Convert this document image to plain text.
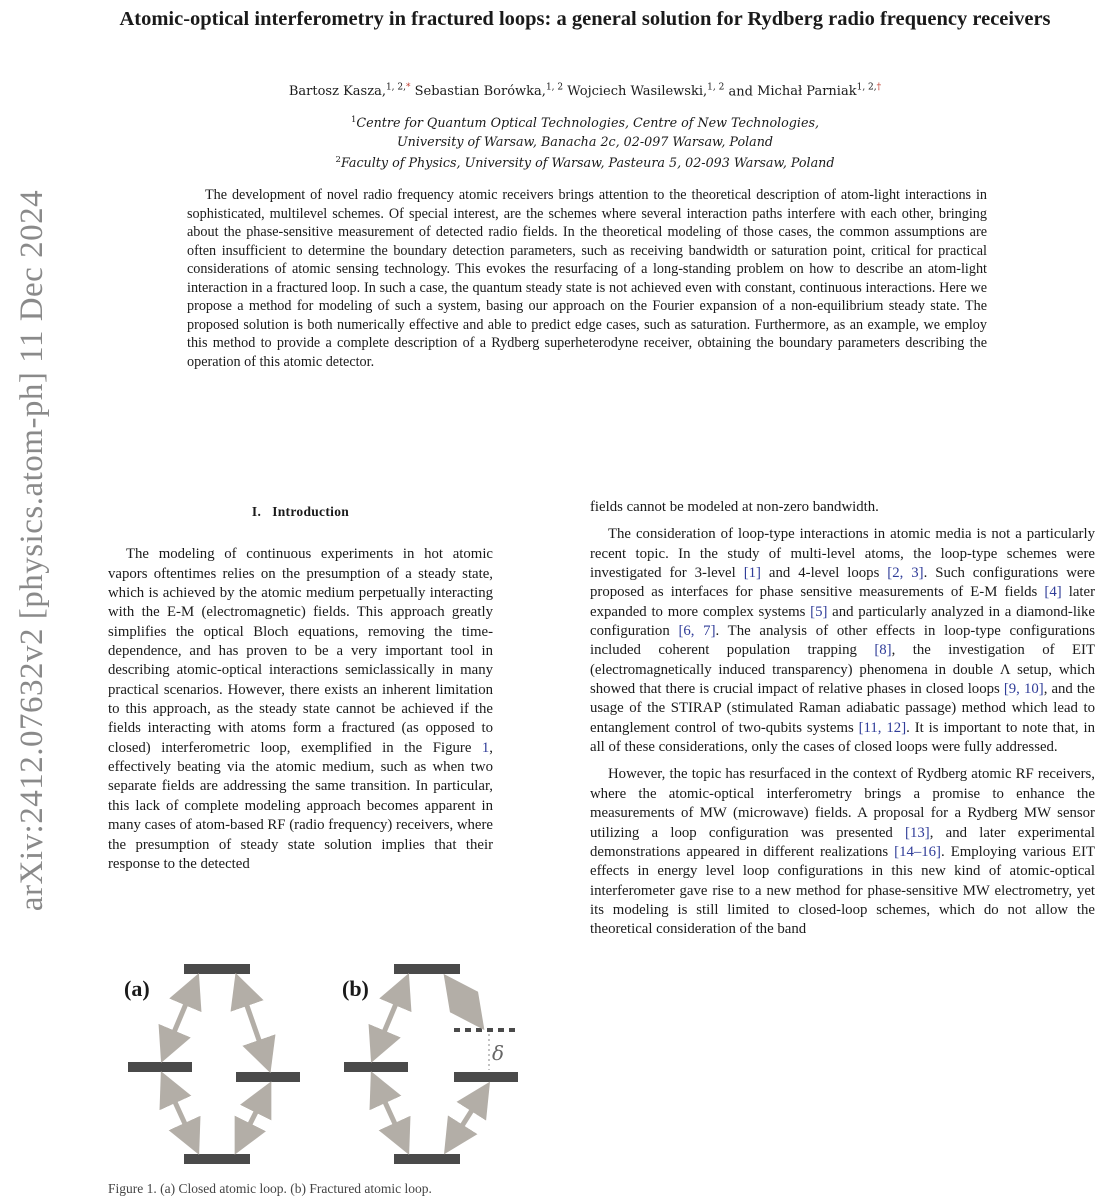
arXiv:2412.07632v2 [physics.atom-ph] 11 Dec 2024
Atomic-optical interferometry in fractured loops: a general solution for Rydberg radio frequency receivers

Bartosz Kasza,$^{1, 2,*}$ Sebastian Borówka,$^{1, 2}$ Wojciech Wasilewski,$^{1, 2}$ and Michał Parniak$^{1, 2,\dagger}$

$^1$Centre for Quantum Optical Technologies, Centre of New Technologies,
University of Warsaw, Banacha 2c, 02-097 Warsaw, Poland
$^2$Faculty of Physics, University of Warsaw, Pasteura 5, 02-093 Warsaw, Poland

The development of novel radio frequency atomic receivers brings attention to the theoretical description of atom-light interactions in sophisticated, multilevel schemes. Of special interest, are the schemes where several interaction paths interfere with each other, bringing about the phase-sensitive measurement of detected radio fields. In the theoretical modeling of those cases, the common assumptions are often insufficient to determine the boundary detection parameters, such as receiving bandwidth or saturation point, critical for practical considerations of atomic sensing technology. This evokes the resurfacing of a long-standing problem on how to describe an atom-light interaction in a fractured loop. In such a case, the quantum steady state is not achieved even with constant, continuous interactions. Here we propose a method for modeling of such a system, basing our approach on the Fourier expansion of a non-equilibrium steady state. The proposed solution is both numerically effective and able to predict edge cases, such as saturation. Furthermore, as an example, we employ this method to provide a complete description of a Rydberg superheterodyne receiver, obtaining the boundary parameters describing the operation of this atomic detector.

I. Introduction

The modeling of continuous experiments in hot atomic vapors oftentimes relies on the presumption of a steady state, which is achieved by the atomic medium perpetually interacting with the E-M (electromagnetic) fields. This approach greatly simplifies the optical Bloch equations, removing the time-dependence, and has proven to be a very important tool in describing atomic-optical interactions semiclassically in many practical scenarios. However, there exists an inherent limitation to this approach, as the steady state cannot be achieved if the fields interacting with atoms form a fractured (as opposed to closed) interferometric loop, exemplified in the Figure 1, effectively beating via the atomic medium, such as when two separate fields are addressing the same transition. In particular, this lack of complete modeling approach becomes apparent in many cases of atom-based RF (radio frequency) receivers, where the presumption of steady state solution implies that their response to the detected

fields cannot be modeled at non-zero bandwidth.

The consideration of loop-type interactions in atomic media is not a particularly recent topic. In the study of multi-level atoms, the loop-type schemes were investigated for 3-level [1] and 4-level loops [2, 3]. Such configurations were proposed as interfaces for phase sensitive measurements of E-M fields [4] later expanded to more complex systems [5] and particularly analyzed in a diamond-like configuration [6, 7]. The analysis of other effects in loop-type configurations included coherent population trapping [8], the investigation of EIT (electromagnetically induced transparency) phenomena in double Λ setup, which showed that there is crucial impact of relative phases in closed loops [9, 10], and the usage of the STIRAP (stimulated Raman adiabatic passage) method which lead to entanglement control of two-qubits systems [11, 12]. It is important to note that, in all of these considerations, only the cases of closed loops were fully addressed.

However, the topic has resurfaced in the context of Rydberg atomic RF receivers, where the atomic-optical interferometry brings a promise to enhance the measurements of MW (microwave) fields. A proposal for a Rydberg MW sensor utilizing a loop configuration was presented [13], and later experimental demonstrations appeared in different realizations [14–16]. Employing various EIT effects in energy level loop configurations in this new kind of atomic-optical interferometer gave rise to a new method for phase-sensitive MW electrometry, yet its modeling is still limited to closed-loop schemes, which do not allow the theoretical consideration of the band

(a)	(b)
δ
Figure 1. (a) Closed atomic loop. (b) Fractured atomic loop.
